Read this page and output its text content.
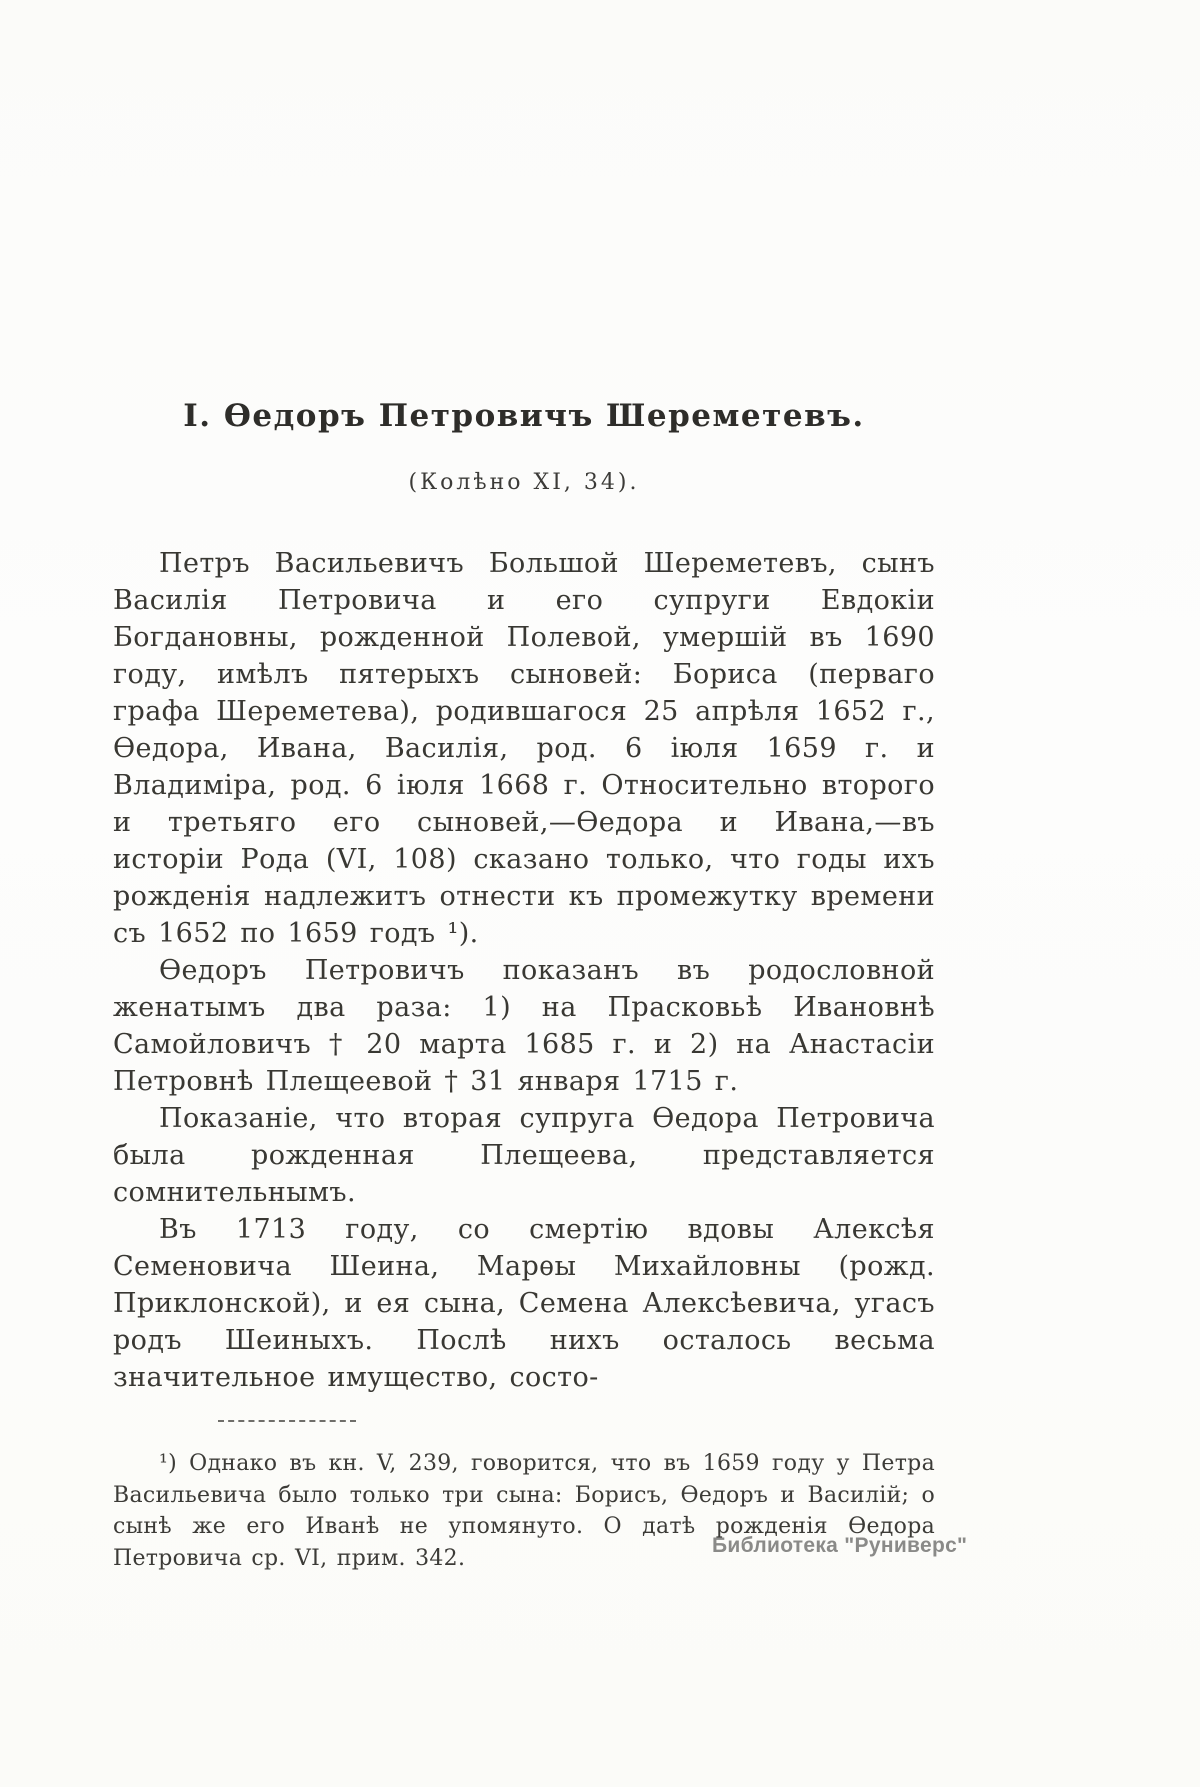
I. Ѳедоръ Петровичъ Шереметевъ.
(Колѣно XI, 34).

Петръ Васильевичъ Большой Шереметевъ, сынъ Василія Петровича и его супруги Евдокіи Богдановны, рожденной Полевой, умершій въ 1690 году, имѣлъ пятерыхъ сыновей: Бориса (перваго графа Шереметева), родившагося 25 апрѣля 1652 г., Ѳедора, Ивана, Василія, род. 6 іюля 1659 г. и Владиміра, род. 6 іюля 1668 г. Относительно второго и третьяго его сыновей,—Ѳедора и Ивана,—въ исторіи Рода (VI, 108) сказано только, что годы ихъ рожденія надлежитъ отнести къ промежутку времени съ 1652 по 1659 годъ ¹).

Ѳедоръ Петровичъ показанъ въ родословной женатымъ два раза: 1) на Прасковьѣ Ивановнѣ Самойловичъ † 20 марта 1685 г. и 2) на Анастасіи Петровнѣ Плещеевой † 31 января 1715 г.

Показаніе, что вторая супруга Ѳедора Петровича была рожденная Плещеева, представляется сомнительнымъ.

Въ 1713 году, со смертію вдовы Алексѣя Семеновича Шеина, Марѳы Михайловны (рожд. Приклонской), и ея сына, Семена Алексѣевича, угасъ родъ Шеиныхъ. Послѣ нихъ осталось весьма значительное имущество, состо-

¹) Однако въ кн. V, 239, говорится, что въ 1659 году у Петра Васильевича было только три сына: Борисъ, Ѳедоръ и Василій; о сынѣ же его Иванѣ не упомянуто. О датѣ рожденія Ѳедора Петровича ср. VI, прим. 342.	Библиотека "Руниверс"
